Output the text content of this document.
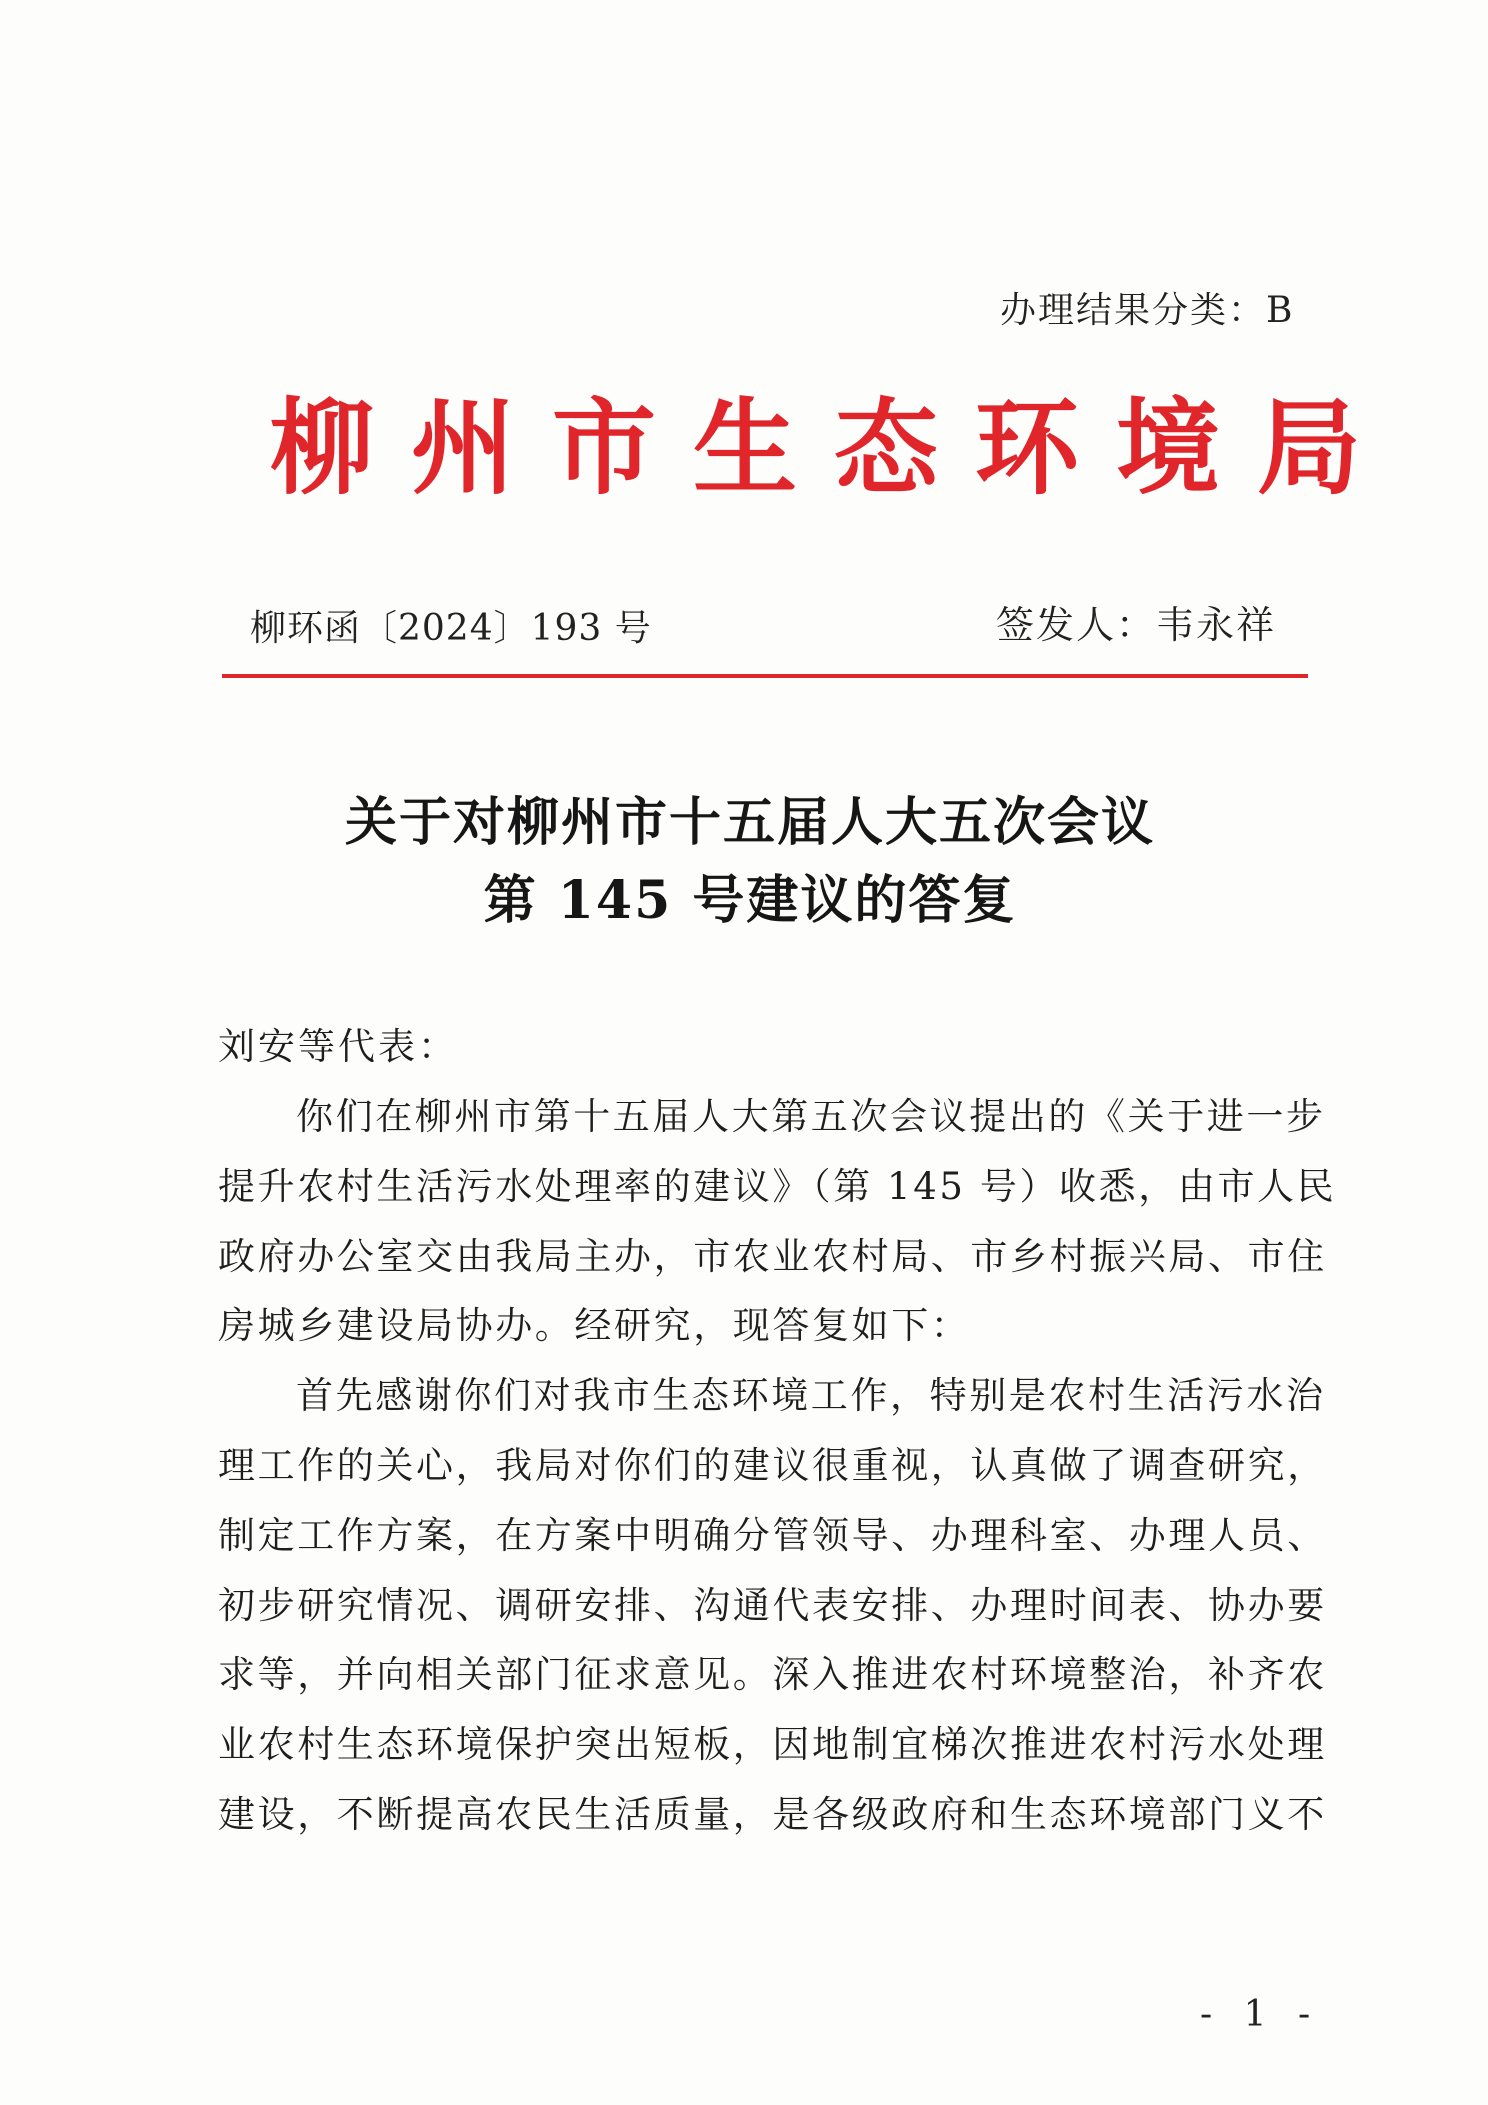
办理结果分类：B
柳州市生态环境局
柳环函〔2024〕193 号	签发人：韦永祥
关于对柳州市十五届人大五次会议
第 145 号建议的答复
刘安等代表：
你们在柳州市第十五届人大第五次会议提出的《关于进一步
提升农村生活污水处理率的建议》（第 145 号）收悉，由市人民
政府办公室交由我局主办，市农业农村局、市乡村振兴局、市住
房城乡建设局协办。经研究，现答复如下：
首先感谢你们对我市生态环境工作，特别是农村生活污水治
理工作的关心，我局对你们的建议很重视，认真做了调查研究，
制定工作方案，在方案中明确分管领导、办理科室、办理人员、
初步研究情况、调研安排、沟通代表安排、办理时间表、协办要
求等，并向相关部门征求意见。深入推进农村环境整治，补齐农
业农村生态环境保护突出短板，因地制宜梯次推进农村污水处理
建设，不断提高农民生活质量，是各级政府和生态环境部门义不
- 1 -
